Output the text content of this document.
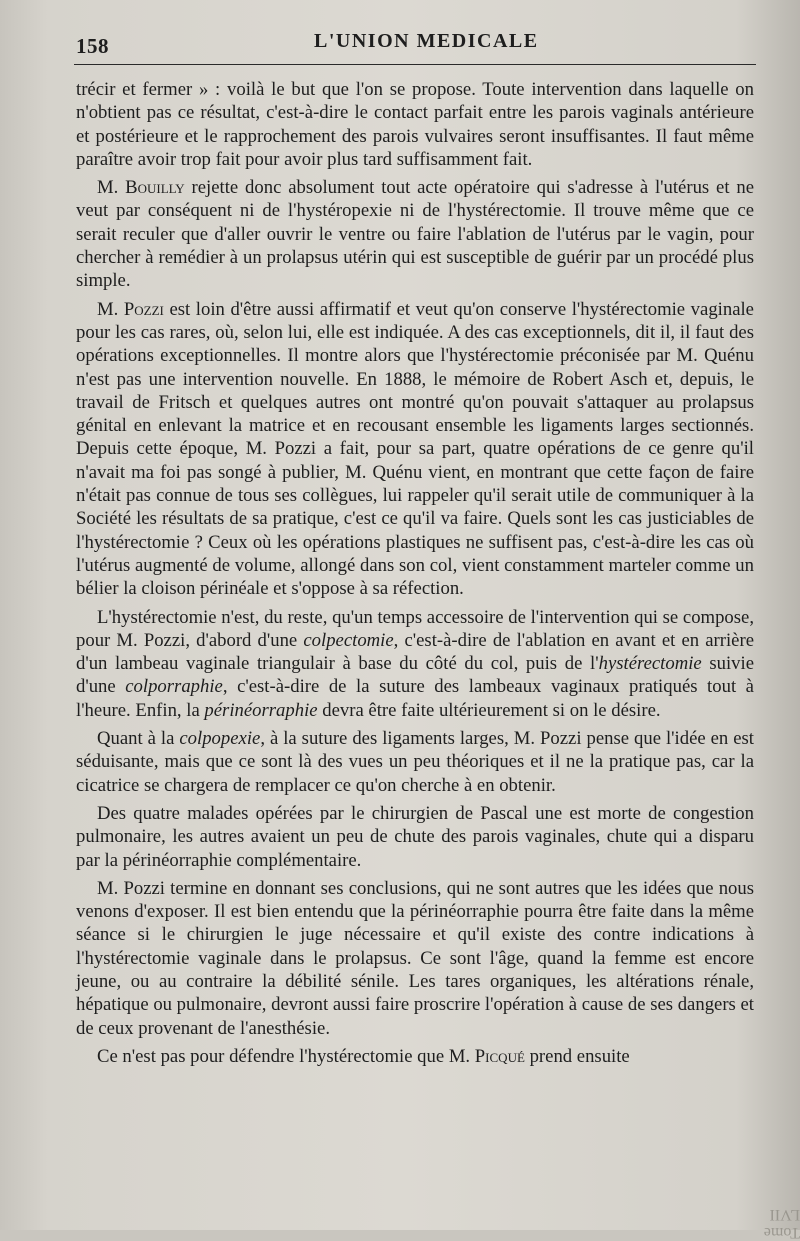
158	L'UNION MEDICALE

trécir et fermer » : voilà le but que l'on se propose. Toute intervention dans laquelle on n'obtient pas ce résultat, c'est-à-dire le contact parfait entre les parois vaginals antérieure et postérieure et le rapprochement des parois vulvaires seront insuffisantes. Il faut même paraître avoir trop fait pour avoir plus tard suffisamment fait.

M. Bouilly rejette donc absolument tout acte opératoire qui s'adresse à l'utérus et ne veut par conséquent ni de l'hystéropexie ni de l'hystérectomie. Il trouve même que ce serait reculer que d'aller ouvrir le ventre ou faire l'ablation de l'utérus par le vagin, pour chercher à remédier à un prolapsus utérin qui est susceptible de guérir par un procédé plus simple.

M. Pozzi est loin d'être aussi affirmatif et veut qu'on conserve l'hystérectomie vaginale pour les cas rares, où, selon lui, elle est indiquée. A des cas exceptionnels, dit il, il faut des opérations exceptionnelles. Il montre alors que l'hystérectomie préconisée par M. Quénu n'est pas une intervention nouvelle. En 1888, le mémoire de Robert Asch et, depuis, le travail de Fritsch et quelques autres ont montré qu'on pouvait s'attaquer au prolapsus génital en enlevant la matrice et en recousant ensemble les ligaments larges sectionnés. Depuis cette époque, M. Pozzi a fait, pour sa part, quatre opérations de ce genre qu'il n'avait ma foi pas songé à publier, M. Quénu vient, en montrant que cette façon de faire n'était pas connue de tous ses collègues, lui rappeler qu'il serait utile de communiquer à la Société les résultats de sa pratique, c'est ce qu'il va faire. Quels sont les cas justiciables de l'hystérectomie ? Ceux où les opérations plastiques ne suffisent pas, c'est-à-dire les cas où l'utérus augmenté de volume, allongé dans son col, vient constamment marteler comme un bélier la cloison périnéale et s'oppose à sa réfection.

L'hystérectomie n'est, du reste, qu'un temps accessoire de l'intervention qui se compose, pour M. Pozzi, d'abord d'une colpectomie, c'est-à-dire de l'ablation en avant et en arrière d'un lambeau vaginale triangulair à base du côté du col, puis de l'hystérectomie suivie d'une colporraphie, c'est-à-dire de la suture des lambeaux vaginaux pratiqués tout à l'heure. Enfin, la périnéorraphie devra être faite ultérieurement si on le désire.

Quant à la colpopexie, à la suture des ligaments larges, M. Pozzi pense que l'idée en est séduisante, mais que ce sont là des vues un peu théoriques et il ne la pratique pas, car la cicatrice se chargera de remplacer ce qu'on cherche à en obtenir.

Des quatre malades opérées par le chirurgien de Pascal une est morte de congestion pulmonaire, les autres avaient un peu de chute des parois vaginales, chute qui a disparu par la périnéorraphie complémentaire.

M. Pozzi termine en donnant ses conclusions, qui ne sont autres que les idées que nous venons d'exposer. Il est bien entendu que la périnéorraphie pourra être faite dans la même séance si le chirurgien le juge nécessaire et qu'il existe des contre indications à l'hystérectomie vaginale dans le prolapsus. Ce sont l'âge, quand la femme est encore jeune, ou au contraire la débilité sénile. Les tares organiques, les altérations rénale, hépatique ou pulmonaire, devront aussi faire proscrire l'opération à cause de ses dangers et de ceux provenant de l'anesthésie.

Ce n'est pas pour défendre l'hystérectomie que M. Picqué prend ensuite

Tome LVII
